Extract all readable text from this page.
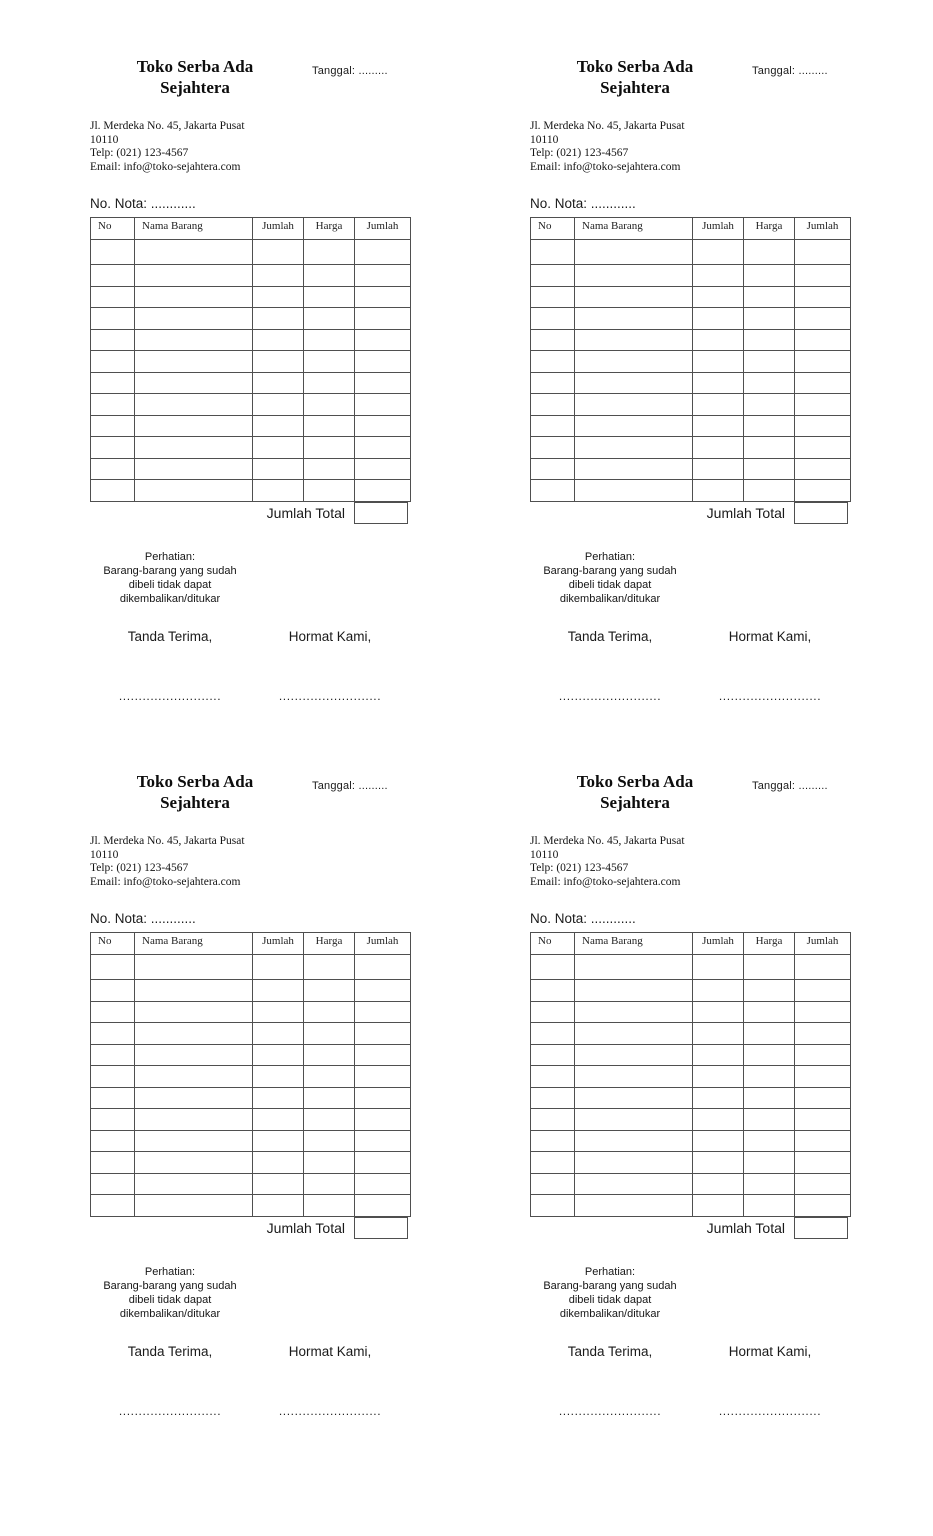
Toko Serba Ada
Sejahtera
Tanggal: .........
Jl. Merdeka No. 45, Jakarta Pusat
10110
Telp: (021) 123-4567
Email: info@toko-sejahtera.com
No. Nota: ............
No	Nama Barang	Jumlah	Harga	Jumlah

Jumlah Total
Perhatian:
Barang-barang yang sudah
dibeli tidak dapat
dikembalikan/ditukar
Tanda Terima,	Hormat Kami,
..........................	..........................
Toko Serba Ada
Sejahtera
Tanggal: .........
Jl. Merdeka No. 45, Jakarta Pusat
10110
Telp: (021) 123-4567
Email: info@toko-sejahtera.com
No. Nota: ............
No	Nama Barang	Jumlah	Harga	Jumlah

Jumlah Total
Perhatian:
Barang-barang yang sudah
dibeli tidak dapat
dikembalikan/ditukar
Tanda Terima,	Hormat Kami,
..........................	..........................
Toko Serba Ada
Sejahtera
Tanggal: .........
Jl. Merdeka No. 45, Jakarta Pusat
10110
Telp: (021) 123-4567
Email: info@toko-sejahtera.com
No. Nota: ............
No	Nama Barang	Jumlah	Harga	Jumlah

Jumlah Total
Perhatian:
Barang-barang yang sudah
dibeli tidak dapat
dikembalikan/ditukar
Tanda Terima,	Hormat Kami,
..........................	..........................
Toko Serba Ada
Sejahtera
Tanggal: .........
Jl. Merdeka No. 45, Jakarta Pusat
10110
Telp: (021) 123-4567
Email: info@toko-sejahtera.com
No. Nota: ............
No	Nama Barang	Jumlah	Harga	Jumlah

Jumlah Total
Perhatian:
Barang-barang yang sudah
dibeli tidak dapat
dikembalikan/ditukar
Tanda Terima,	Hormat Kami,
..........................	..........................
